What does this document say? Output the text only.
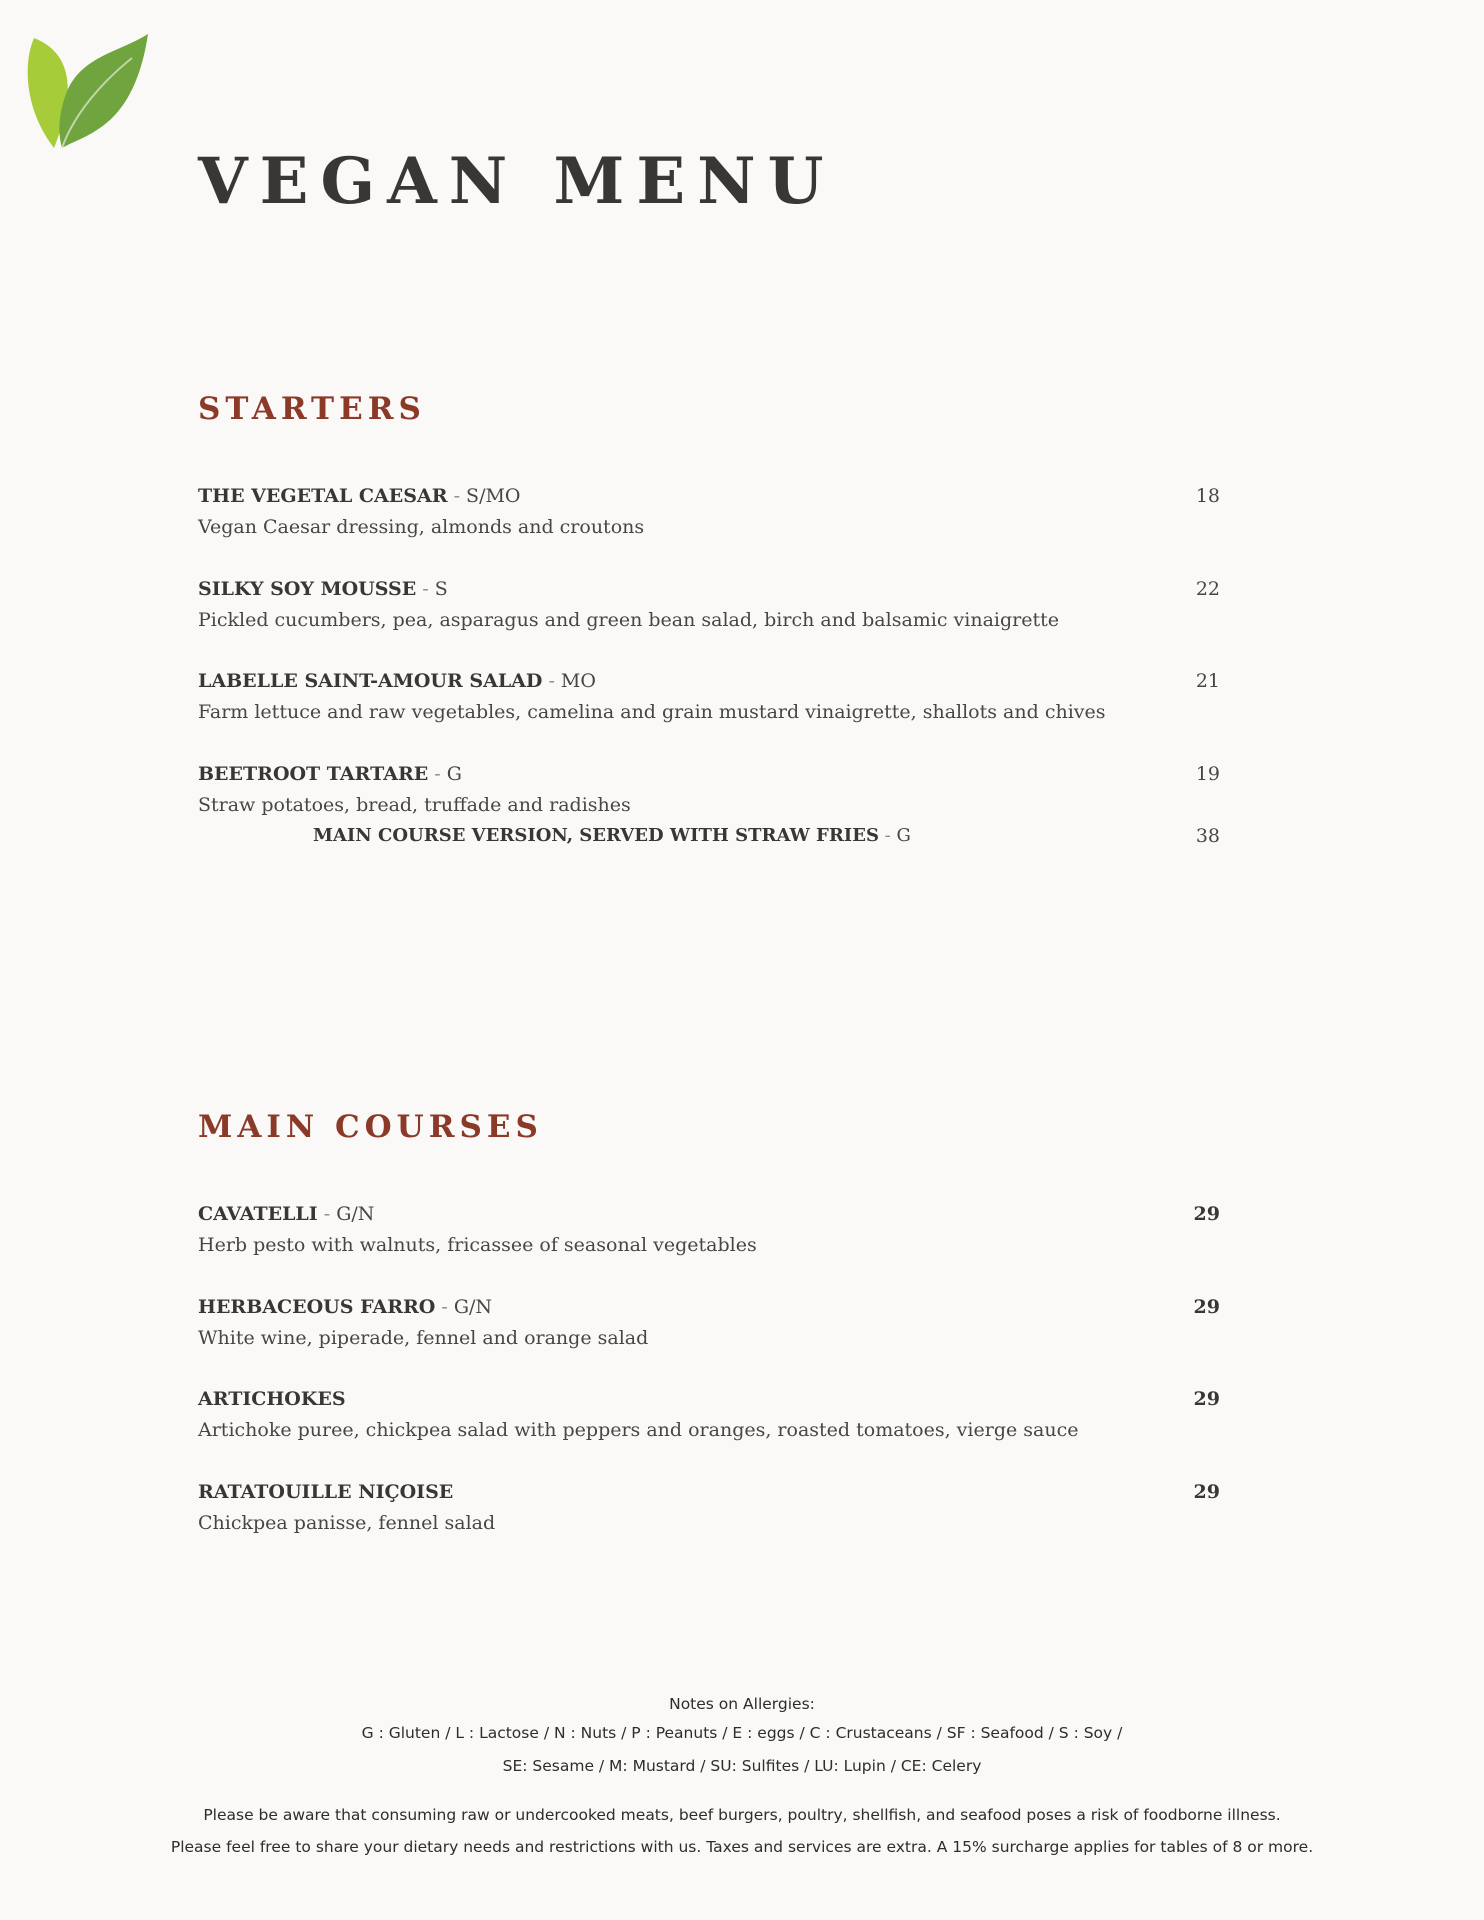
VEGAN MENU
STARTERS
THE VEGETAL CAESAR - S/MO	18
Vegan Caesar dressing, almonds and croutons
SILKY SOY MOUSSE - S	22
Pickled cucumbers, pea, asparagus and green bean salad, birch and balsamic vinaigrette
LABELLE SAINT-AMOUR SALAD - MO	21
Farm lettuce and raw vegetables, camelina and grain mustard vinaigrette, shallots and chives
BEETROOT TARTARE - G	19
Straw potatoes, bread, truffade and radishes
MAIN COURSE VERSION, SERVED WITH STRAW FRIES - G	38
MAIN COURSES
CAVATELLI - G/N	29
Herb pesto with walnuts, fricassee of seasonal vegetables
HERBACEOUS FARRO - G/N	29
White wine, piperade, fennel and orange salad
ARTICHOKES	29
Artichoke puree, chickpea salad with peppers and oranges, roasted tomatoes, vierge sauce
RATATOUILLE NIÇOISE	29
Chickpea panisse, fennel salad
Notes on Allergies:
G : Gluten / L : Lactose / N : Nuts / P : Peanuts / E : eggs / C : Crustaceans / SF : Seafood / S : Soy /
SE: Sesame / M: Mustard / SU: Sulfites / LU: Lupin / CE: Celery
Please be aware that consuming raw or undercooked meats, beef burgers, poultry, shellfish, and seafood poses a risk of foodborne illness.
Please feel free to share your dietary needs and restrictions with us. Taxes and services are extra. A 15% surcharge applies for tables of 8 or more.
